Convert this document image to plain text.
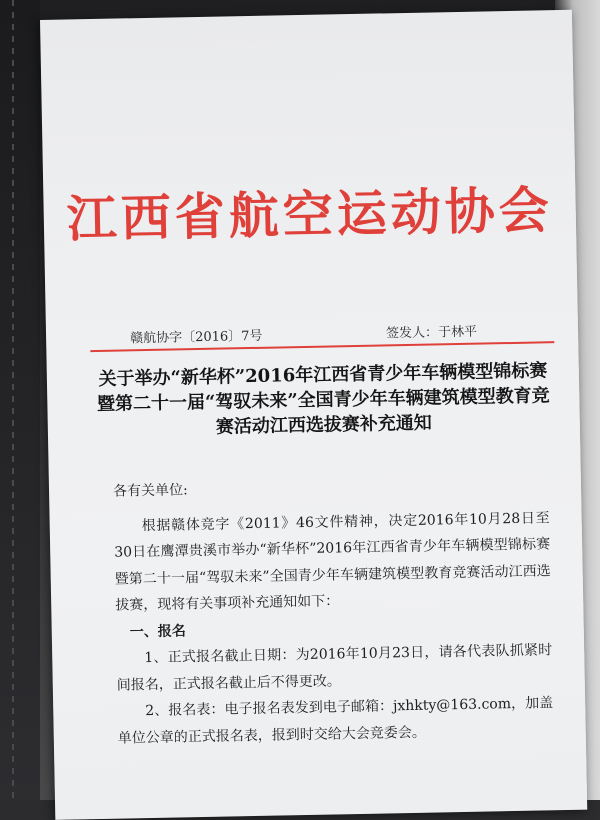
江西省航空运动协会

赣航协字〔2016〕7号	签发人：于林平

关于举办“新华杯”2016年江西省青少年车辆模型锦标赛暨第二十一届“驾驭未来”全国青少年车辆建筑模型教育竞赛活动江西选拔赛补充通知

各有关单位:

根据赣体竞字《2011》46文件精神，决定2016年10月28日至30日在鹰潭贵溪市举办“新华杯”2016年江西省青少年车辆模型锦标赛暨第二十一届“驾驭未来”全国青少年车辆建筑模型教育竞赛活动江西选拔赛，现将有关事项补充通知如下：

一、报名

1、正式报名截止日期：为2016年10月23日，请各代表队抓紧时间报名，正式报名截止后不得更改。

2、报名表：电子报名表发到电子邮箱：jxhkty@163.com，加盖单位公章的正式报名表，报到时交给大会竞委会。
